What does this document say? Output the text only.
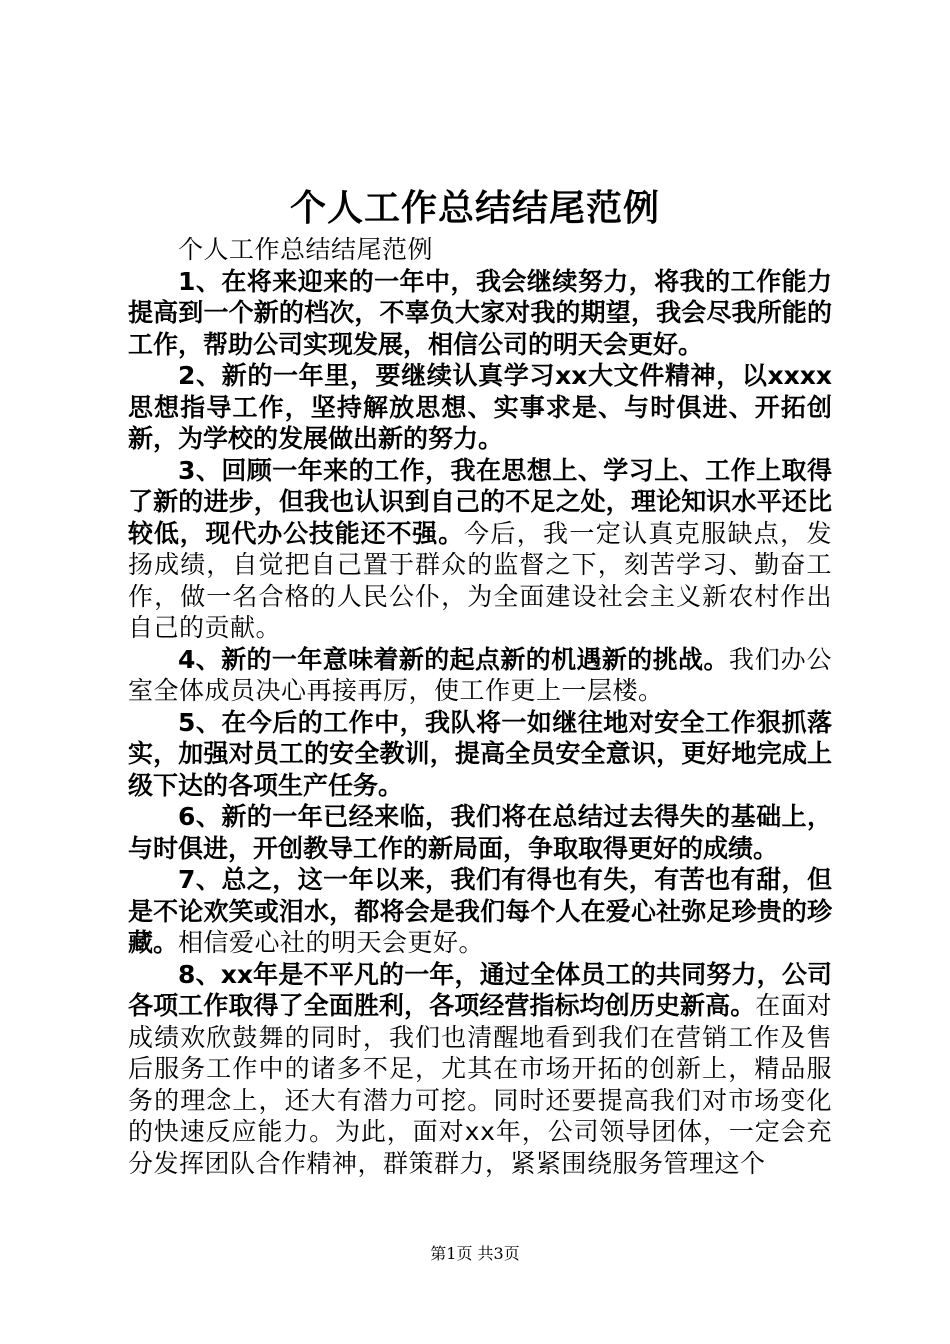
个人工作总结结尾范例

个人工作总结结尾范例

1、在将来迎来的一年中，我会继续努力，将我的工作能力提高到一个新的档次，不辜负大家对我的期望，我会尽我所能的工作，帮助公司实现发展，相信公司的明天会更好。

2、新的一年里，要继续认真学习xx大文件精神，以xxxx思想指导工作，坚持解放思想、实事求是、与时俱进、开拓创新，为学校的发展做出新的努力。

3、回顾一年来的工作，我在思想上、学习上、工作上取得了新的进步，但我也认识到自己的不足之处，理论知识水平还比较低，现代办公技能还不强。今后，我一定认真克服缺点，发扬成绩，自觉把自己置于群众的监督之下，刻苦学习、勤奋工作，做一名合格的人民公仆，为全面建设社会主义新农村作出自己的贡献。

4、新的一年意味着新的起点新的机遇新的挑战。我们办公室全体成员决心再接再厉，使工作更上一层楼。

5、在今后的工作中，我队将一如继往地对安全工作狠抓落实，加强对员工的安全教训，提高全员安全意识，更好地完成上级下达的各项生产任务。

6、新的一年已经来临，我们将在总结过去得失的基础上，与时俱进，开创教导工作的新局面，争取取得更好的成绩。

7、总之，这一年以来，我们有得也有失，有苦也有甜，但是不论欢笑或泪水，都将会是我们每个人在爱心社弥足珍贵的珍藏。相信爱心社的明天会更好。

8、xx年是不平凡的一年，通过全体员工的共同努力，公司各项工作取得了全面胜利，各项经营指标均创历史新高。在面对成绩欢欣鼓舞的同时，我们也清醒地看到我们在营销工作及售后服务工作中的诸多不足，尤其在市场开拓的创新上，精品服务的理念上，还大有潜力可挖。同时还要提高我们对市场变化的快速反应能力。为此，面对xx年，公司领导团体，一定会充分发挥团队合作精神，群策群力，紧紧围绕服务管理这个

第1页 共3页
